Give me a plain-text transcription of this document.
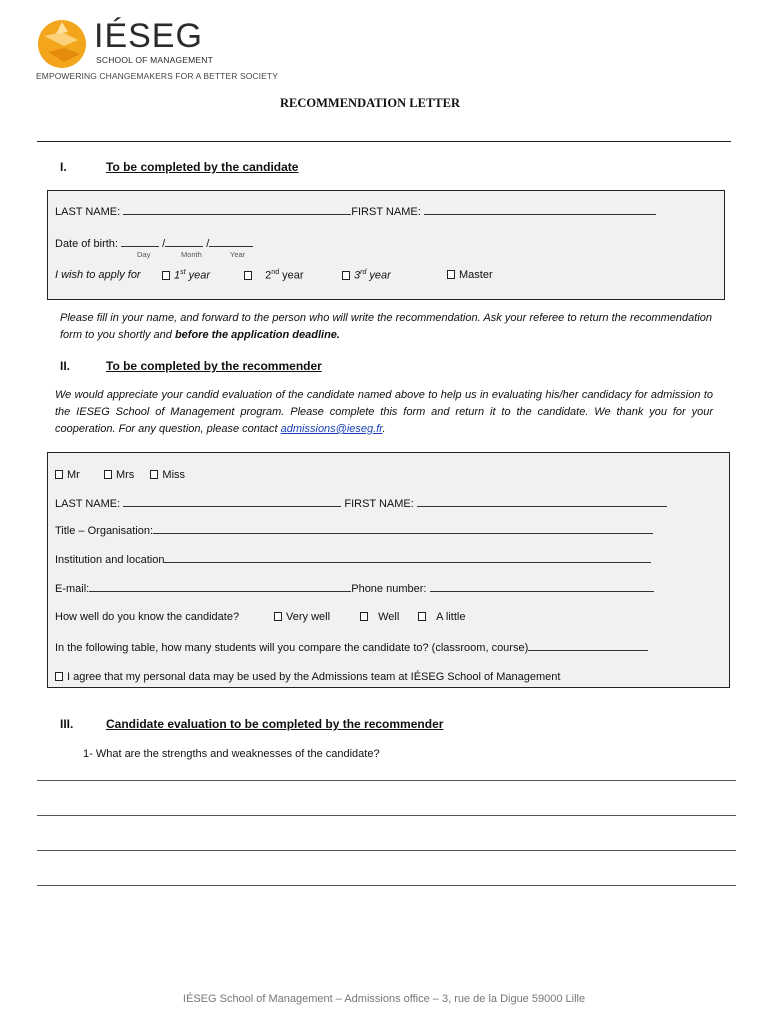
IÉSEG
SCHOOL OF MANAGEMENT
EMPOWERING CHANGEMAKERS FOR A BETTER SOCIETY
RECOMMENDATION LETTER
I.	To be completed by the candidate
LAST NAME:	FIRST NAME:
Date of birth:	/	/
Day	Month	Year
I wish to apply for	1st year	2nd year	3rd year	Master
Please fill in your name, and forward to the person who will write the recommendation. Ask your referee to return the recommendation form to you shortly and before the application deadline.
II.	To be completed by the recommender
We would appreciate your candid evaluation of the candidate named above to help us in evaluating his/her candidacy for admission to the IESEG School of Management program. Please complete this form and return it to the candidate. We thank you for your cooperation. For any question, please contact admissions@ieseg.fr.
Mr	Mrs	Miss
LAST NAME:	FIRST NAME:
Title – Organisation:
Institution and location
E-mail:	Phone number:
How well do you know the candidate?	Very well	Well	A little
In the following table, how many students will you compare the candidate to? (classroom, course)
I agree that my personal data may be used by the Admissions team at IÉSEG School of Management
III.	Candidate evaluation to be completed by the recommender
1- What are the strengths and weaknesses of the candidate?
IÉSEG School of Management – Admissions office – 3, rue de la Digue 59000 Lille
